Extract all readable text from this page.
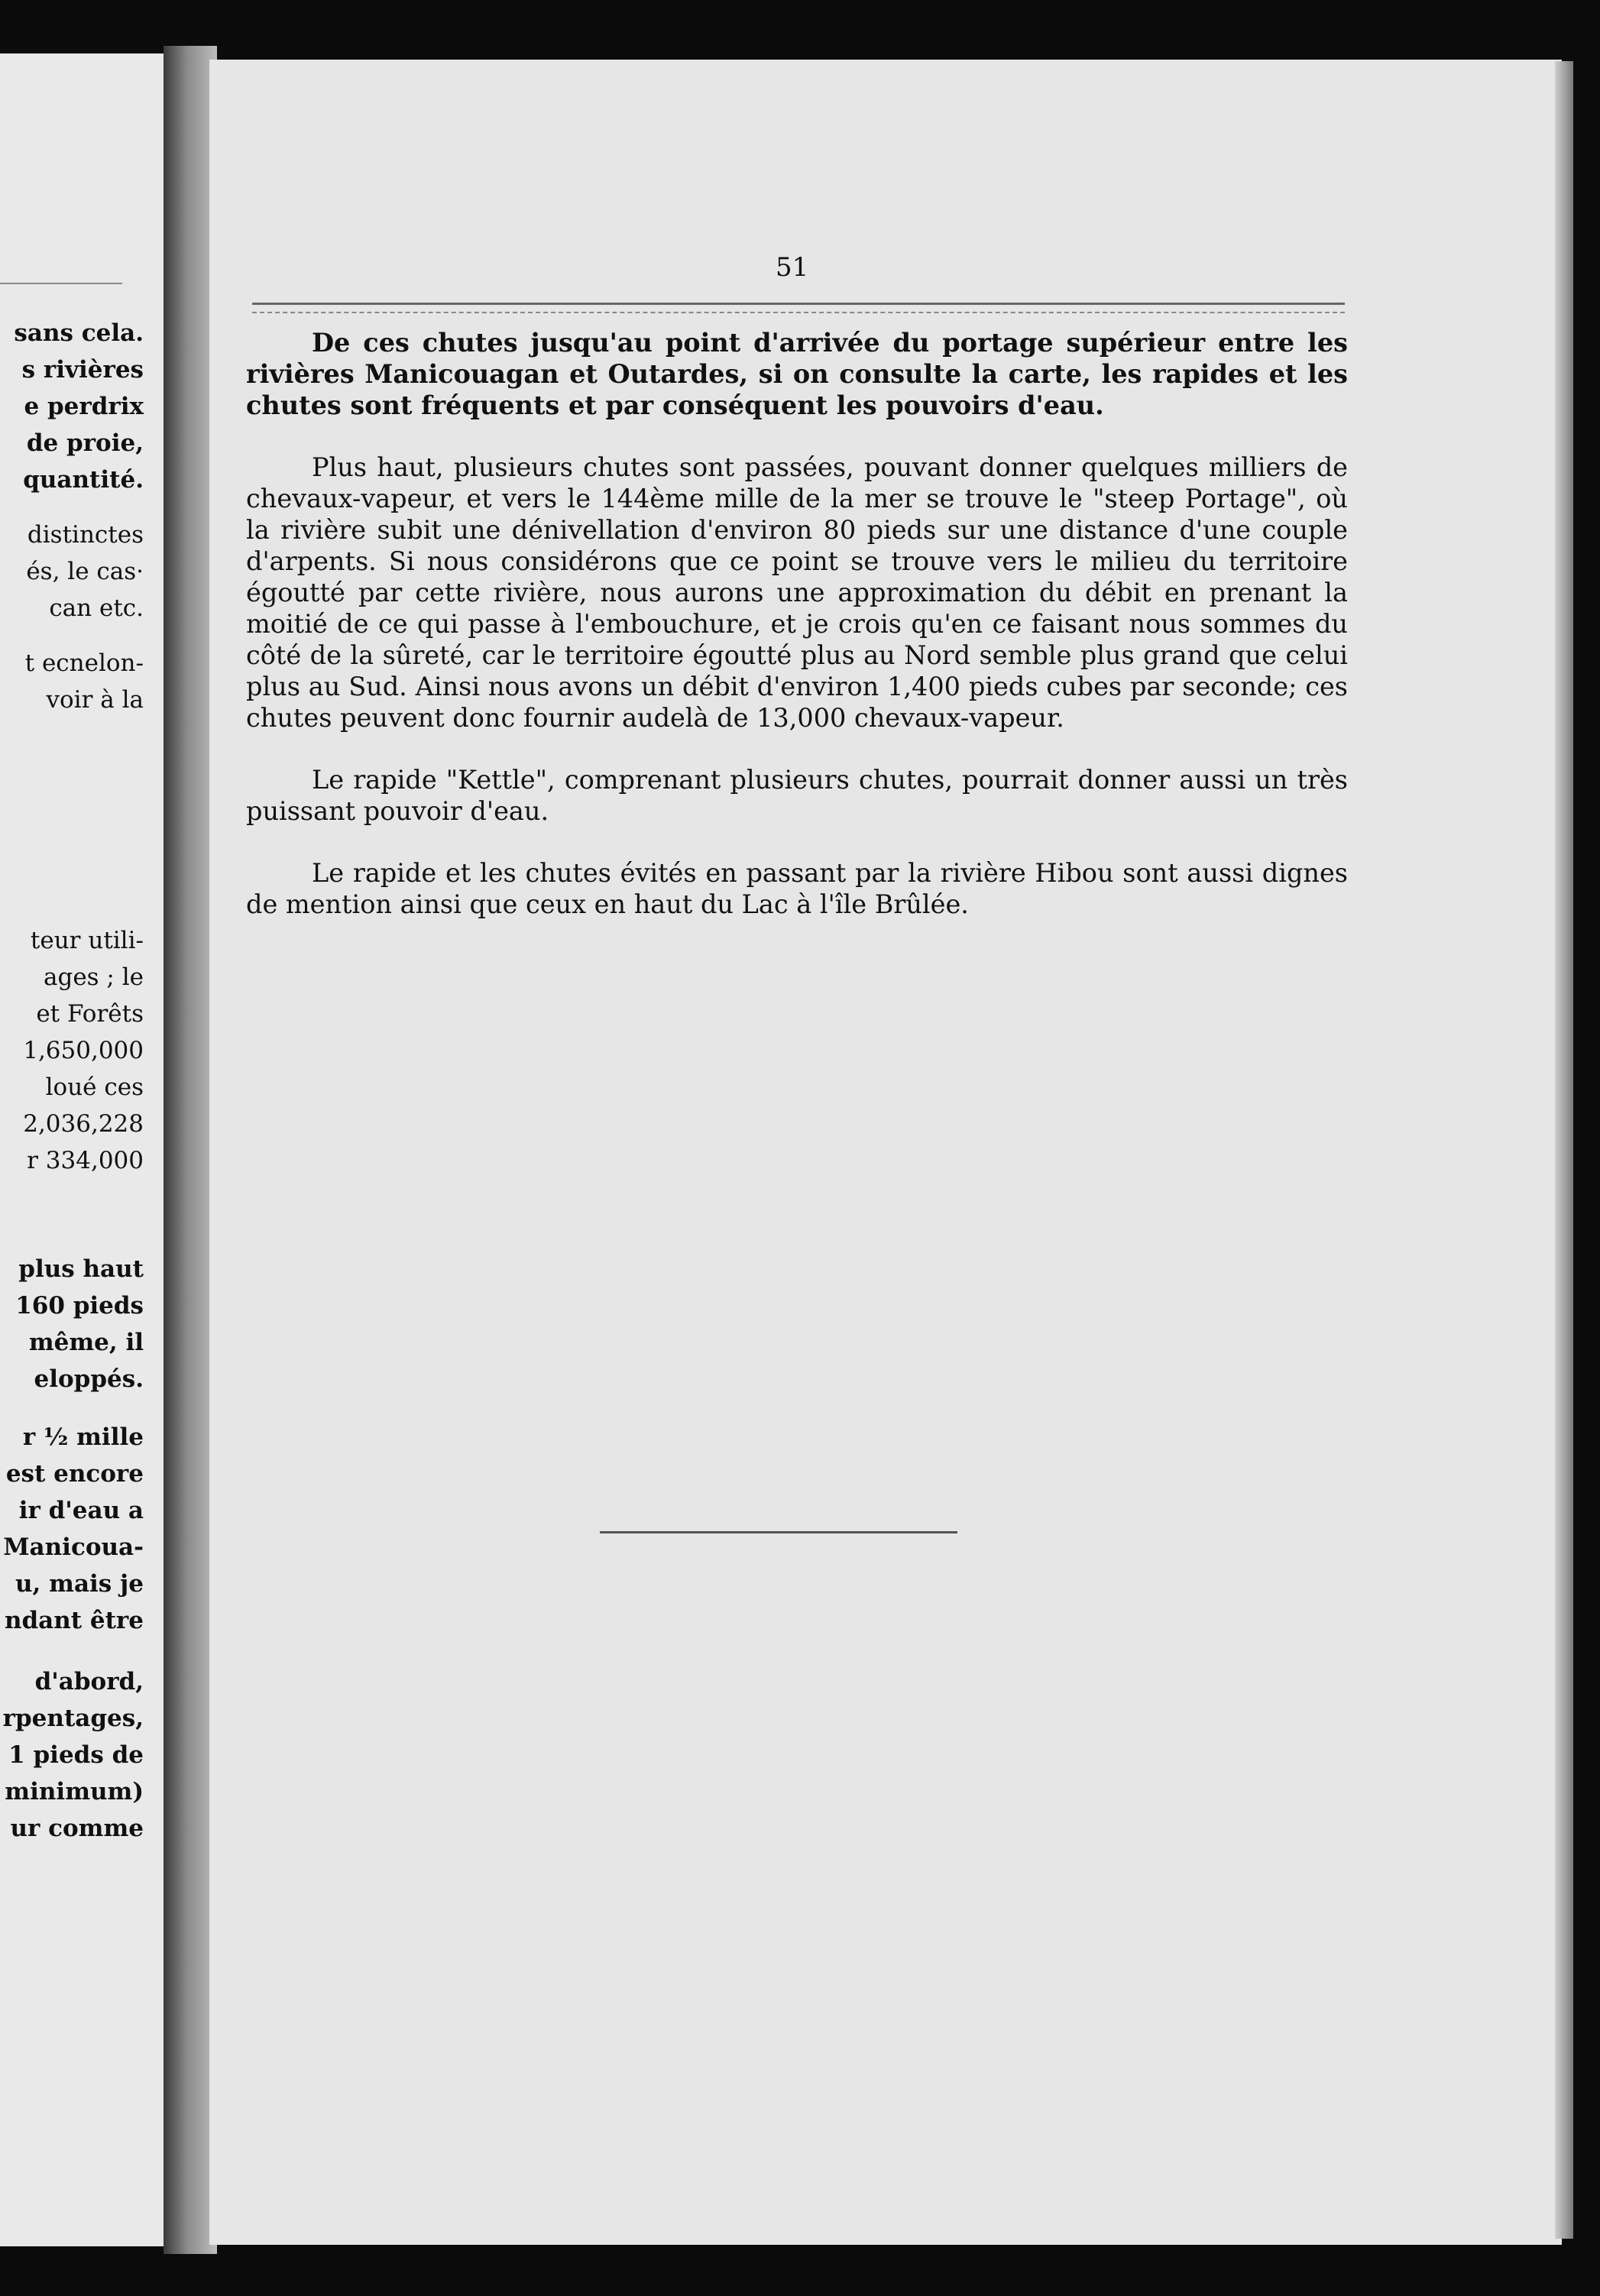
sans cela.

s rivières

e perdrix

de proie,

quantité.

distinctes

és, le cas·

can etc.

t ecnelon-

voir à la

teur utili-

ages ; le

et Forêts

1,650,000

loué ces

2,036,228

r 334,000

plus haut

160 pieds

même, il

eloppés.

r ½ mille

est encore

ir d'eau a

Manicoua-

u, mais je

ndant être

d'abord,

rpentages,

1 pieds de

minimum)

ur comme

51

De ces chutes jusqu'au point d'arrivée du portage supérieur entre les rivières Manicouagan et Outardes, si on consulte la carte, les rapides et les chutes sont fréquents et par conséquent les pouvoirs d'eau.

Plus haut, plusieurs chutes sont passées, pouvant donner quelques milliers de chevaux-vapeur, et vers le 144ème mille de la mer se trouve le "steep Portage", où la rivière subit une dénivellation d'environ 80 pieds sur une distance d'une couple d'arpents. Si nous considérons que ce point se trouve vers le milieu du territoire égoutté par cette rivière, nous aurons une approximation du débit en prenant la moitié de ce qui passe à l'embouchure, et je crois qu'en ce faisant nous sommes du côté de la sûreté, car le territoire égoutté plus au Nord semble plus grand que celui plus au Sud. Ainsi nous avons un débit d'environ 1,400 pieds cubes par seconde; ces chutes peuvent donc fournir audelà de 13,000 chevaux-vapeur.

Le rapide "Kettle", comprenant plusieurs chutes, pourrait donner aussi un très puissant pouvoir d'eau.

Le rapide et les chutes évités en passant par la rivière Hibou sont aussi dignes de mention ainsi que ceux en haut du Lac à l'île Brûlée.
